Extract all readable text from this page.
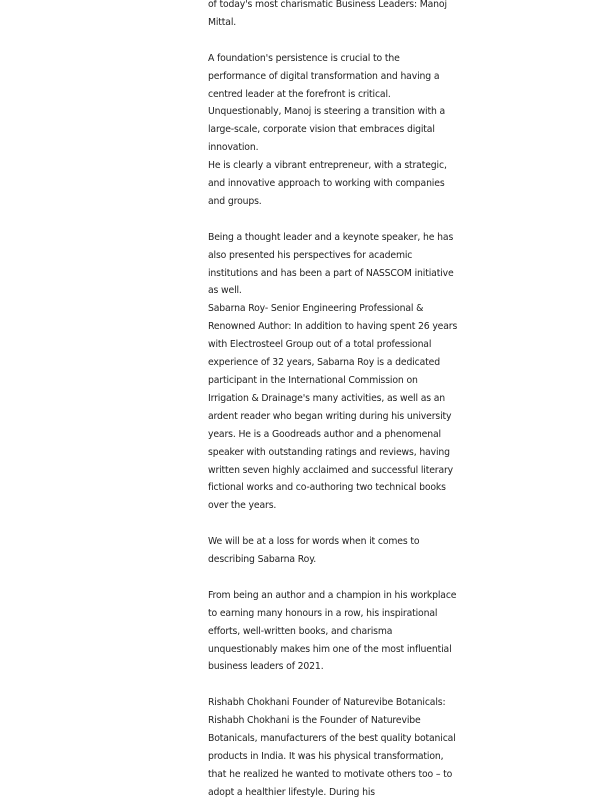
of today's most charismatic Business Leaders: Manoj Mittal.

A foundation's persistence is crucial to the performance of digital transformation and having a centred leader at the forefront is critical. Unquestionably, Manoj is steering a transition with a large-scale, corporate vision that embraces digital innovation.

He is clearly a vibrant entrepreneur, with a strategic, and innovative approach to working with companies and groups.

Being a thought leader and a keynote speaker, he has also presented his perspectives for academic institutions and has been a part of NASSCOM initiative as well.

Sabarna Roy- Senior Engineering Professional & Renowned Author: In addition to having spent 26 years with Electrosteel Group out of a total professional experience of 32 years, Sabarna Roy is a dedicated participant in the International Commission on Irrigation & Drainage's many activities, as well as an ardent reader who began writing during his university years. He is a Goodreads author and a phenomenal speaker with outstanding ratings and reviews, having written seven highly acclaimed and successful literary fictional works and co-authoring two technical books over the years.

We will be at a loss for words when it comes to describing Sabarna Roy.

From being an author and a champion in his workplace to earning many honours in a row, his inspirational efforts, well-written books, and charisma unquestionably makes him one of the most influential business leaders of 2021.

Rishabh Chokhani Founder of Naturevibe Botanicals: Rishabh Chokhani is the Founder of Naturevibe Botanicals, manufacturers of the best quality botanical products in India. It was his physical transformation, that he realized he wanted to motivate others too – to adopt a healthier lifestyle. During his
